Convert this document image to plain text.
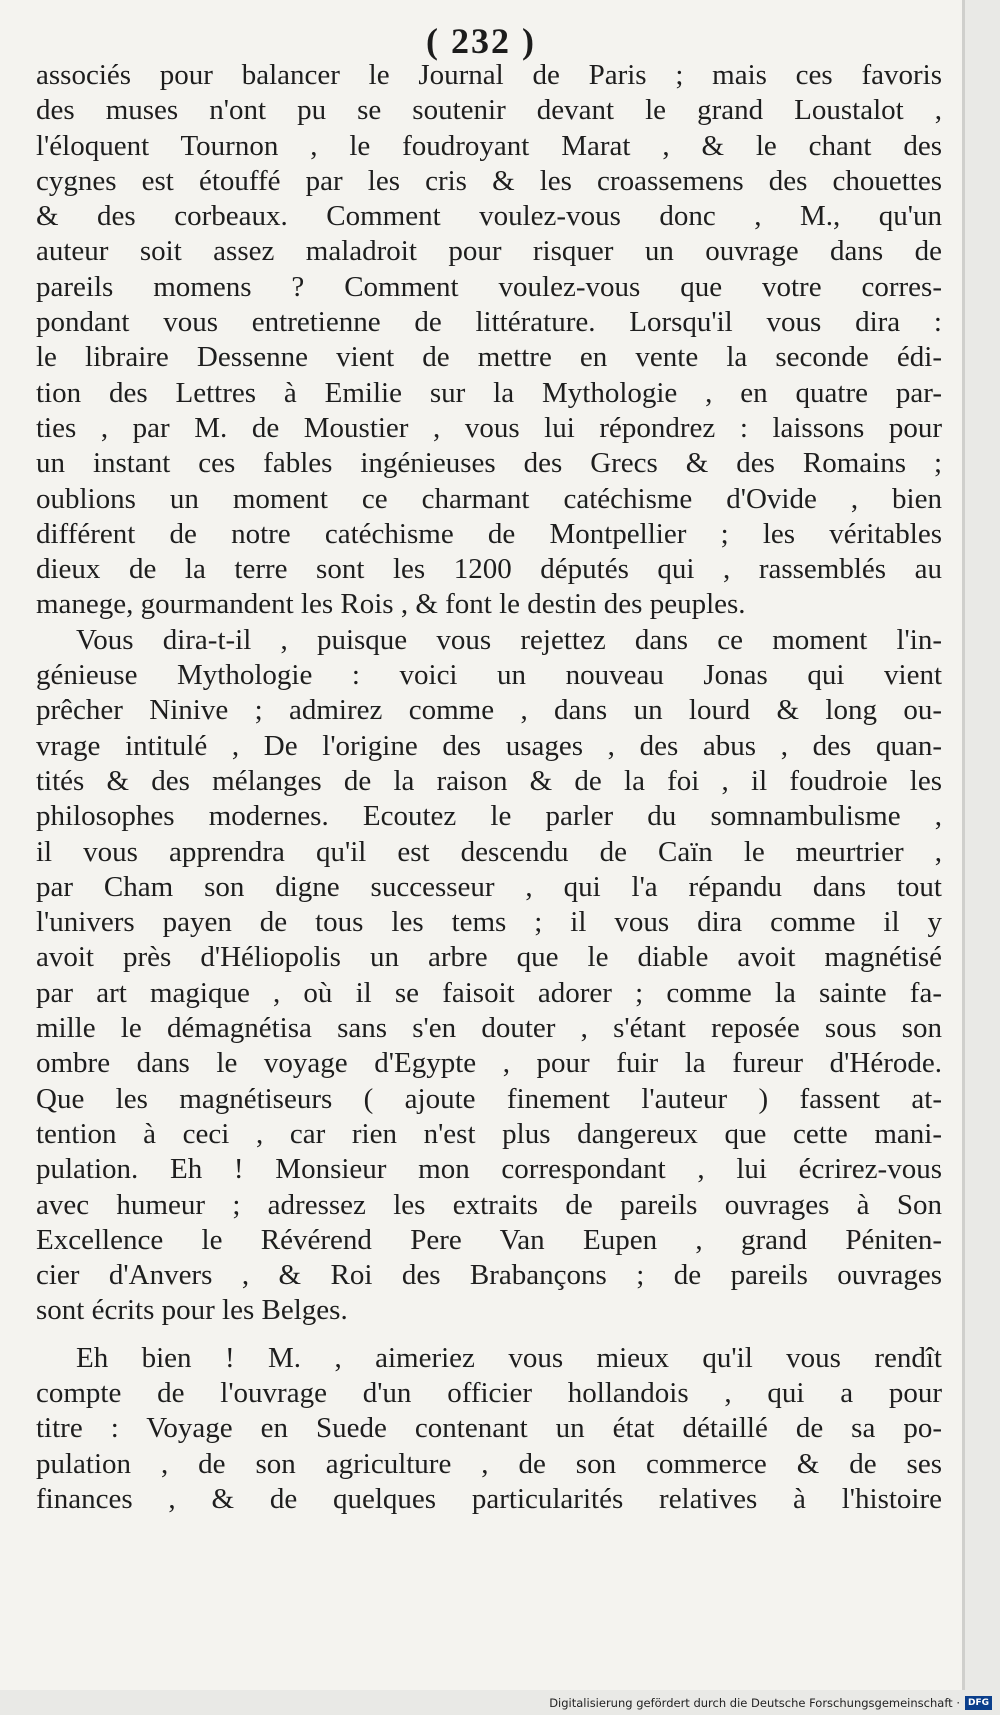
( 232 )
associés pour balancer le Journal de Paris ; mais ces favoris
des muses n'ont pu se soutenir devant le grand Loustalot ,
l'éloquent Tournon , le foudroyant Marat , & le chant des
cygnes est étouffé par les cris & les croassemens des chouettes
& des corbeaux. Comment voulez-vous donc , M., qu'un
auteur soit assez maladroit pour risquer un ouvrage dans de
pareils momens ? Comment voulez-vous que votre corres-
pondant vous entretienne de littérature. Lorsqu'il vous dira :
le libraire Dessenne vient de mettre en vente la seconde édi-
tion des Lettres à Emilie sur la Mythologie , en quatre par-
ties , par M. de Moustier , vous lui répondrez : laissons pour
un instant ces fables ingénieuses des Grecs & des Romains ;
oublions un moment ce charmant catéchisme d'Ovide , bien
différent de notre catéchisme de Montpellier ; les véritables
dieux de la terre sont les 1200 députés qui , rassemblés au
manege, gourmandent les Rois , & font le destin des peuples.
Vous dira-t-il , puisque vous rejettez dans ce moment l'in-
génieuse Mythologie : voici un nouveau Jonas qui vient
prêcher Ninive ; admirez comme , dans un lourd & long ou-
vrage intitulé , De l'origine des usages , des abus , des quan-
tités & des mélanges de la raison & de la foi , il foudroie les
philosophes modernes. Ecoutez le parler du somnambulisme ,
il vous apprendra qu'il est descendu de Caïn le meurtrier ,
par Cham son digne successeur , qui l'a répandu dans tout
l'univers payen de tous les tems ; il vous dira comme il y
avoit près d'Héliopolis un arbre que le diable avoit magnétisé
par art magique , où il se faisoit adorer ; comme la sainte fa-
mille le démagnétisa sans s'en douter , s'étant reposée sous son
ombre dans le voyage d'Egypte , pour fuir la fureur d'Hérode.
Que les magnétiseurs ( ajoute finement l'auteur ) fassent at-
tention à ceci , car rien n'est plus dangereux que cette mani-
pulation. Eh ! Monsieur mon correspondant , lui écrirez-vous
avec humeur ; adressez les extraits de pareils ouvrages à Son
Excellence le Révérend Pere Van Eupen , grand Péniten-
cier d'Anvers , & Roi des Brabançons ; de pareils ouvrages
sont écrits pour les Belges.
Eh bien ! M. , aimeriez vous mieux qu'il vous rendît
compte de l'ouvrage d'un officier hollandois , qui a pour
titre : Voyage en Suede contenant un état détaillé de sa po-
pulation , de son agriculture , de son commerce & de ses
finances , & de quelques particularités relatives à l'histoire
Digitalisierung gefördert durch die Deutsche Forschungsgemeinschaft · DFG
